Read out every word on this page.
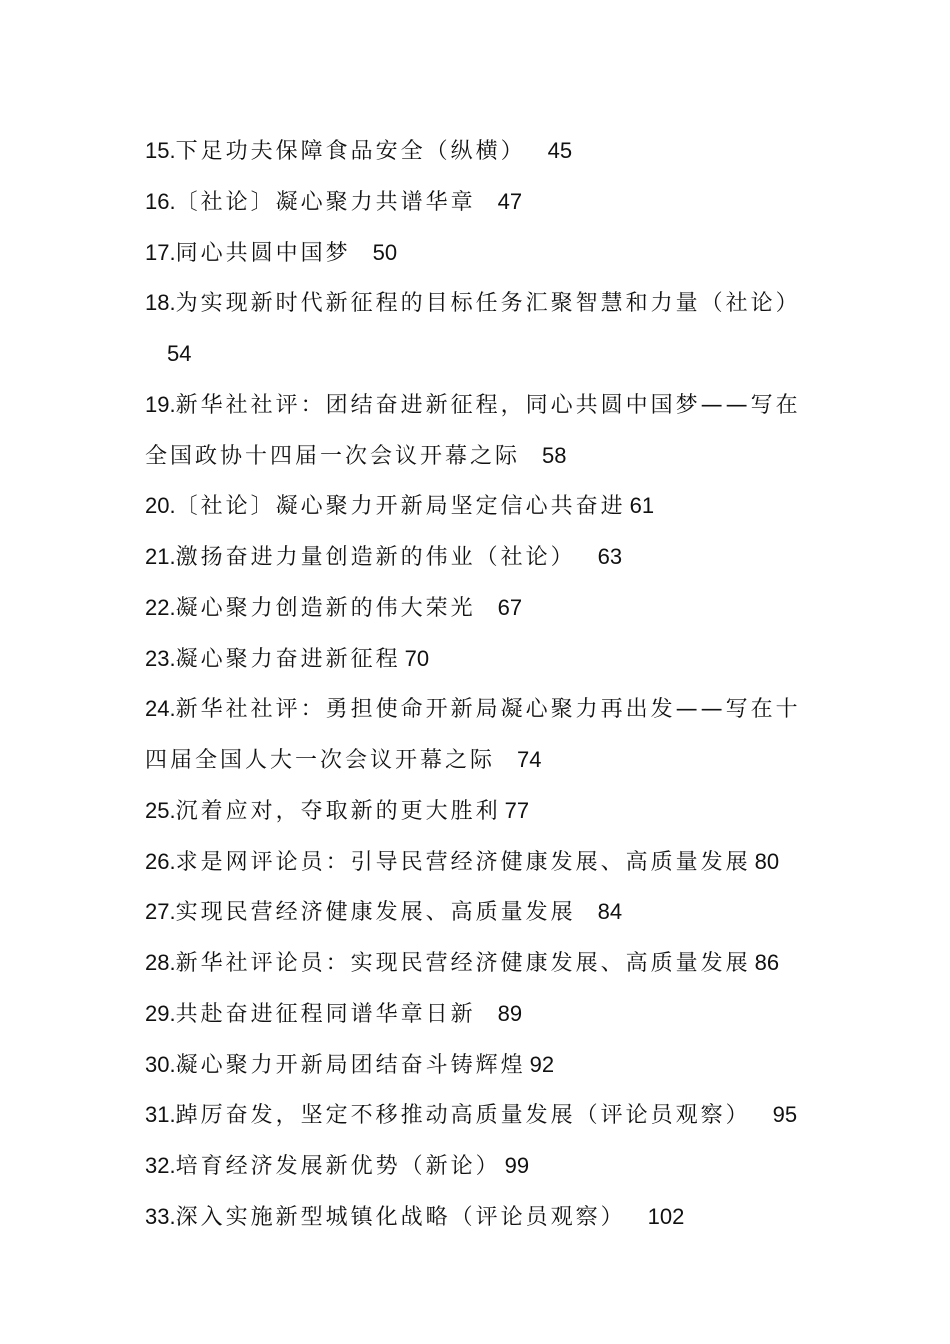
15.下足功夫保障食品安全（纵横） 45
16.〔社论〕凝心聚力共谱华章 47
17.同心共圆中国梦 50
18.为实现新时代新征程的目标任务汇聚智慧和力量（社论）54
19.新华社社评：团结奋进新征程，同心共圆中国梦——写在全国政协十四届一次会议开幕之际 58
20.〔社论〕凝心聚力开新局坚定信心共奋进 61
21.激扬奋进力量创造新的伟业（社论） 63
22.凝心聚力创造新的伟大荣光 67
23.凝心聚力奋进新征程 70
24.新华社社评：勇担使命开新局凝心聚力再出发——写在十四届全国人大一次会议开幕之际 74
25.沉着应对，夺取新的更大胜利 77
26.求是网评论员：引导民营经济健康发展、高质量发展 80
27.实现民营经济健康发展、高质量发展 84
28.新华社评论员：实现民营经济健康发展、高质量发展 86
29.共赴奋进征程同谱华章日新 89
30.凝心聚力开新局团结奋斗铸辉煌 92
31.踔厉奋发，坚定不移推动高质量发展（评论员观察） 95
32.培育经济发展新优势（新论） 99
33.深入实施新型城镇化战略（评论员观察） 102
